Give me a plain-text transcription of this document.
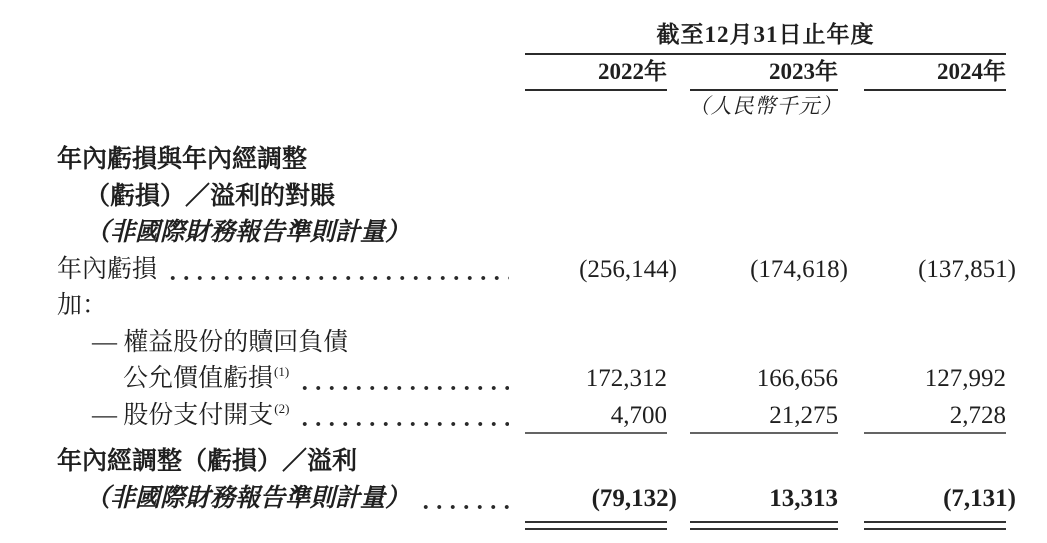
截至12月31日止年度
2022年	2023年	2024年
（人民幣千元）
年內虧損與年內經調整
（虧損）／溢利的對賬
（非國際財務報告準則計量）
年內虧損	(256,144)	(174,618)	(137,851)
加：
— 權益股份的贖回負債
公允價值虧損$^{(1)}$	172,312	166,656	127,992
— 股份支付開支$^{(2)}$	4,700	21,275	2,728
年內經調整（虧損）／溢利
（非國際財務報告準則計量）	(79,132)	13,313	(7,131)
